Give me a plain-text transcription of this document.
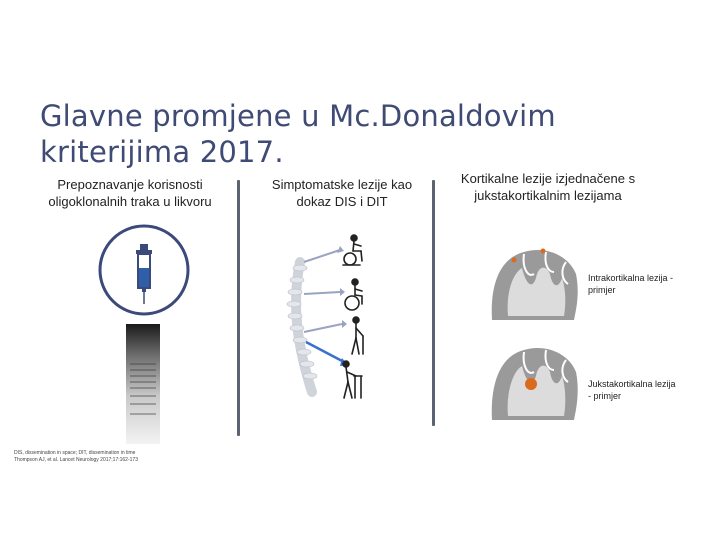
Glavne promjene u Mc.Donaldovim kriterijima 2017.
Prepoznavanje korisnosti oligoklonalnih traka u likvoru
Simptomatske lezije kao dokaz DIS i DIT
Kortikalne lezije izjednačene s jukstakortikalnim lezijama
Intrakortikalna lezija - primjer
Jukstakortikalna lezija - primjer
DIS, dissemination in space; DIT, dissemination in time
Thompson AJ, et al. Lancet Neurology 2017;17:162-173
